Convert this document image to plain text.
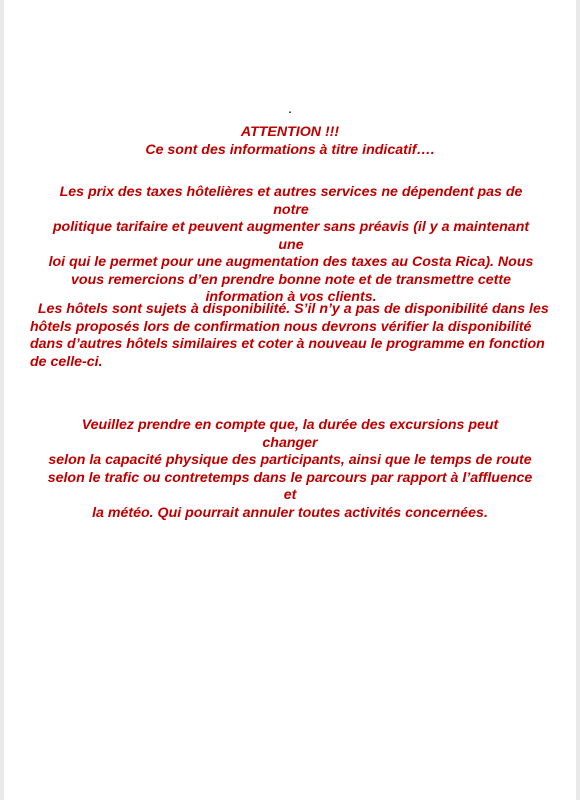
.
ATTENTION !!!
Ce sont des informations à titre indicatif….
Les prix des taxes hôtelières et autres services ne dépendent pas de notre
politique tarifaire et peuvent augmenter sans préavis (il y a maintenant une
loi qui le permet pour une augmentation des taxes au Costa Rica). Nous
vous remercions d’en prendre bonne note et de transmettre cette
information à vos clients.
Les hôtels sont sujets à disponibilité. S’il n’y a pas de disponibilité dans les
hôtels proposés lors de confirmation nous devrons vérifier la disponibilité
dans d’autres hôtels similaires et coter à nouveau le programme en fonction
de celle-ci.
Veuillez prendre en compte que, la durée des excursions peut changer
selon la capacité physique des participants, ainsi que le temps de route
selon le trafic ou contretemps dans le parcours par rapport à l’affluence et
la météo. Qui pourrait annuler toutes activités concernées.
